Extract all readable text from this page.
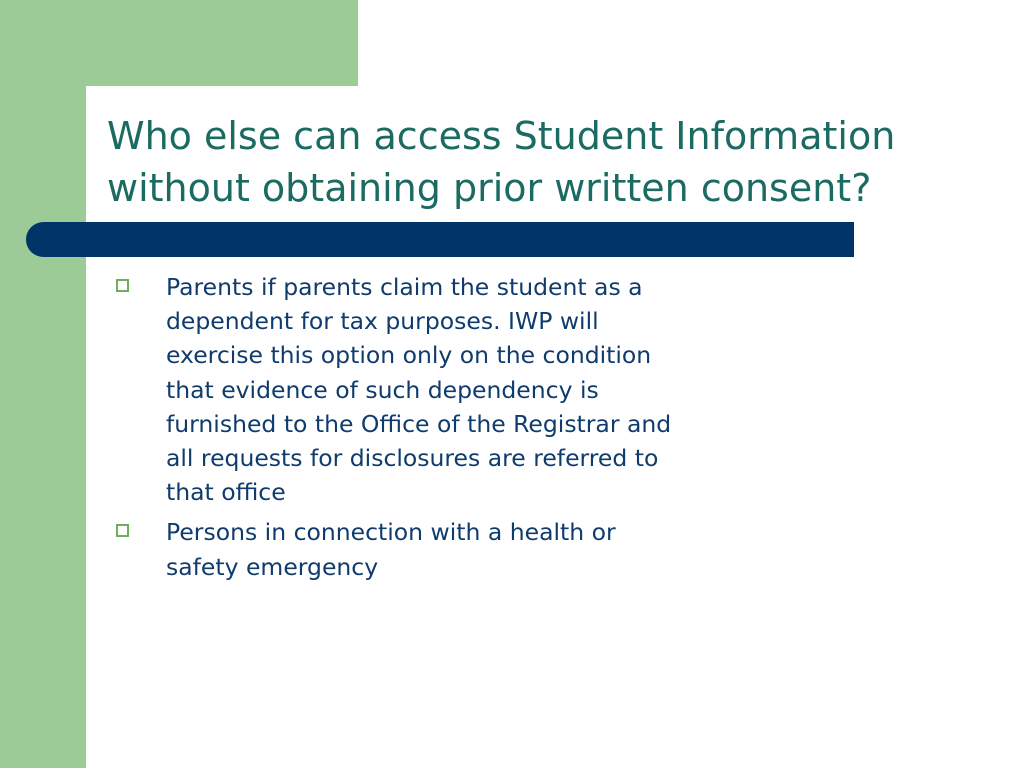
Who else can access Student Information
without obtaining prior written consent?
Parents if parents claim the student as a
dependent for tax purposes. IWP will
exercise this option only on the condition
that evidence of such dependency is
furnished to the Office of the Registrar and
all requests for disclosures are referred to
that office
Persons in connection with a health or
safety emergency
